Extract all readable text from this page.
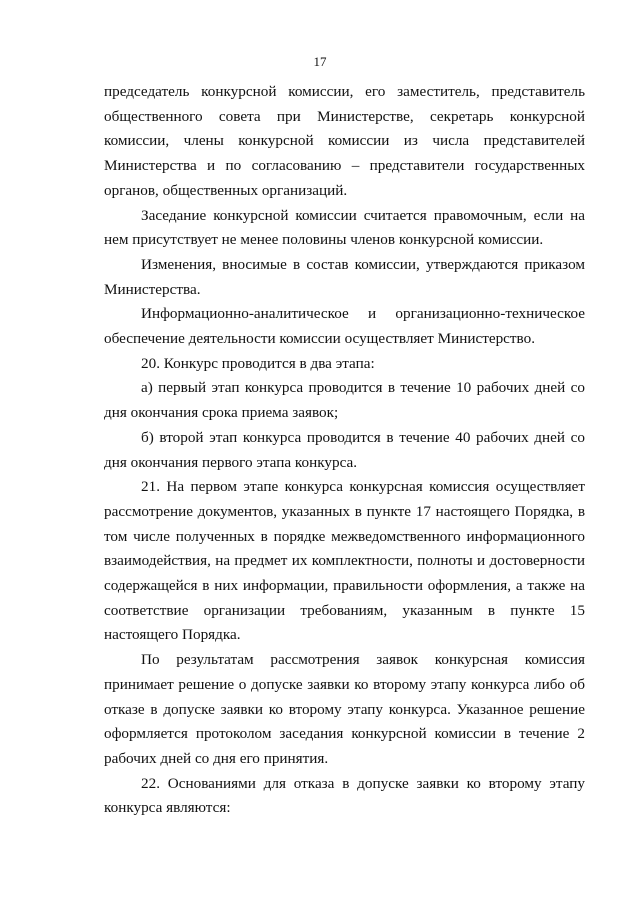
17

председатель конкурсной комиссии, его заместитель, представитель общественного совета при Министерстве, секретарь конкурсной комиссии, члены конкурсной комиссии из числа представителей Министерства и по согласованию – представители государственных органов, общественных организаций.

Заседание конкурсной комиссии считается правомочным, если на нем присутствует не менее половины членов конкурсной комиссии.

Изменения, вносимые в состав комиссии, утверждаются приказом Министерства.

Информационно-аналитическое и организационно-техническое обеспечение деятельности комиссии осуществляет Министерство.

20. Конкурс проводится в два этапа:

а) первый этап конкурса проводится в течение 10 рабочих дней со дня окончания срока приема заявок;

б) второй этап конкурса проводится в течение 40 рабочих дней со дня окончания первого этапа конкурса.

21. На первом этапе конкурса конкурсная комиссия осуществляет рассмотрение документов, указанных в пункте 17 настоящего Порядка, в том числе полученных в порядке межведомственного информационного взаимодействия, на предмет их комплектности, полноты и достоверности содержащейся в них информации, правильности оформления, а также на соответствие организации требованиям, указанным в пункте 15 настоящего Порядка.

По результатам рассмотрения заявок конкурсная комиссия принимает решение о допуске заявки ко второму этапу конкурса либо об отказе в допуске заявки ко второму этапу конкурса. Указанное решение оформляется протоколом заседания конкурсной комиссии в течение 2 рабочих дней со дня его принятия.

22. Основаниями для отказа в допуске заявки ко второму этапу конкурса являются:
